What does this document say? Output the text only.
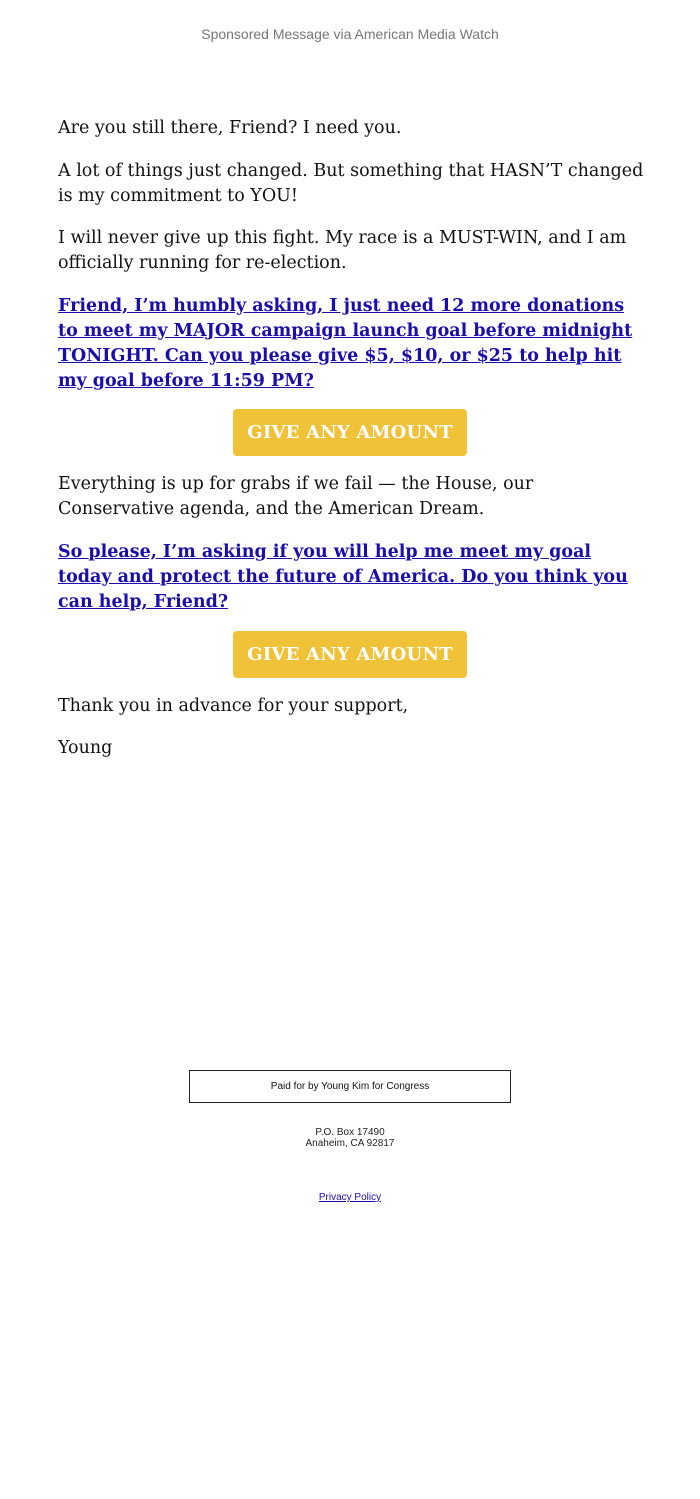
Sponsored Message via American Media Watch

Are you still there, Friend? I need you.

A lot of things just changed. But something that HASN’T changed is my commitment to YOU!

I will never give up this fight. My race is a MUST-WIN, and I am officially running for re-election.

Friend, I’m humbly asking, I just need 12 more donations to meet my MAJOR campaign launch goal before midnight TONIGHT. Can you please give $5, $10, or $25 to help hit my goal before 11:59 PM?
GIVE ANY AMOUNT

Everything is up for grabs if we fail — the House, our Conservative agenda, and the American Dream.

So please, I’m asking if you will help me meet my goal today and protect the future of America. Do you think you can help, Friend?
GIVE ANY AMOUNT

Thank you in advance for your support,

Young

Paid for by Young Kim for Congress
P.O. Box 17490
Anaheim, CA 92817
Privacy Policy
